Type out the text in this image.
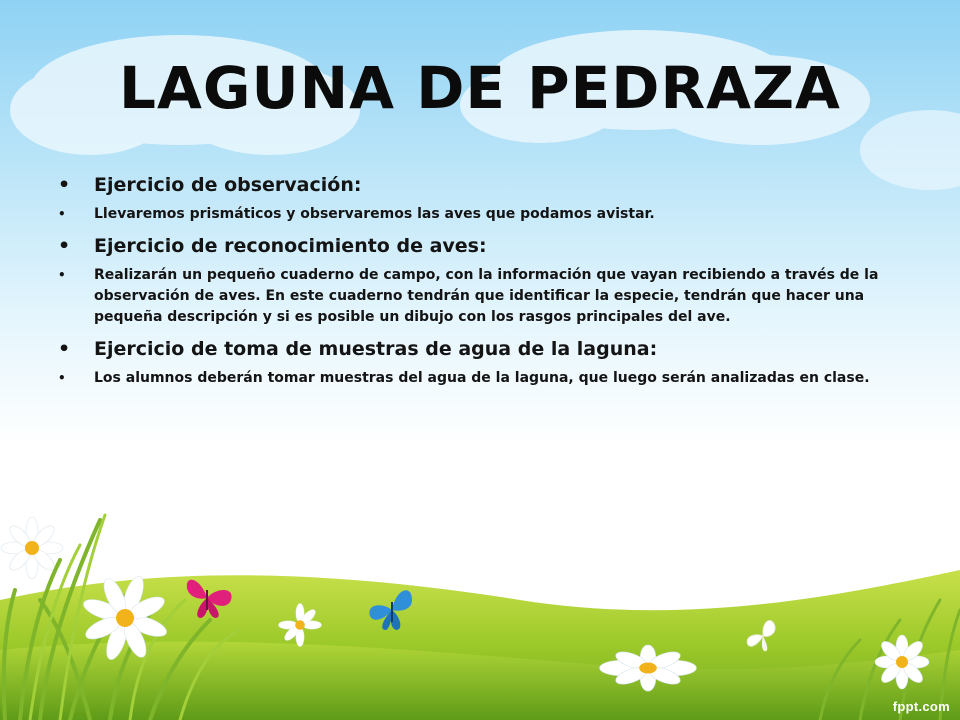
LAGUNA DE PEDRAZA
•	Ejercicio de observación:
•	Llevaremos prismáticos y observaremos las aves que podamos avistar.
•	Ejercicio de reconocimiento de aves:
•	Realizarán un pequeño cuaderno de campo, con la información que vayan recibiendo a través de la observación de aves. En este cuaderno tendrán que identificar la especie, tendrán que hacer una pequeña descripción y si es posible un dibujo con los rasgos principales del ave.
•	Ejercicio de toma de muestras de agua de la laguna:
•	Los alumnos deberán tomar muestras del agua de la laguna, que luego serán analizadas en clase.
fppt.com
